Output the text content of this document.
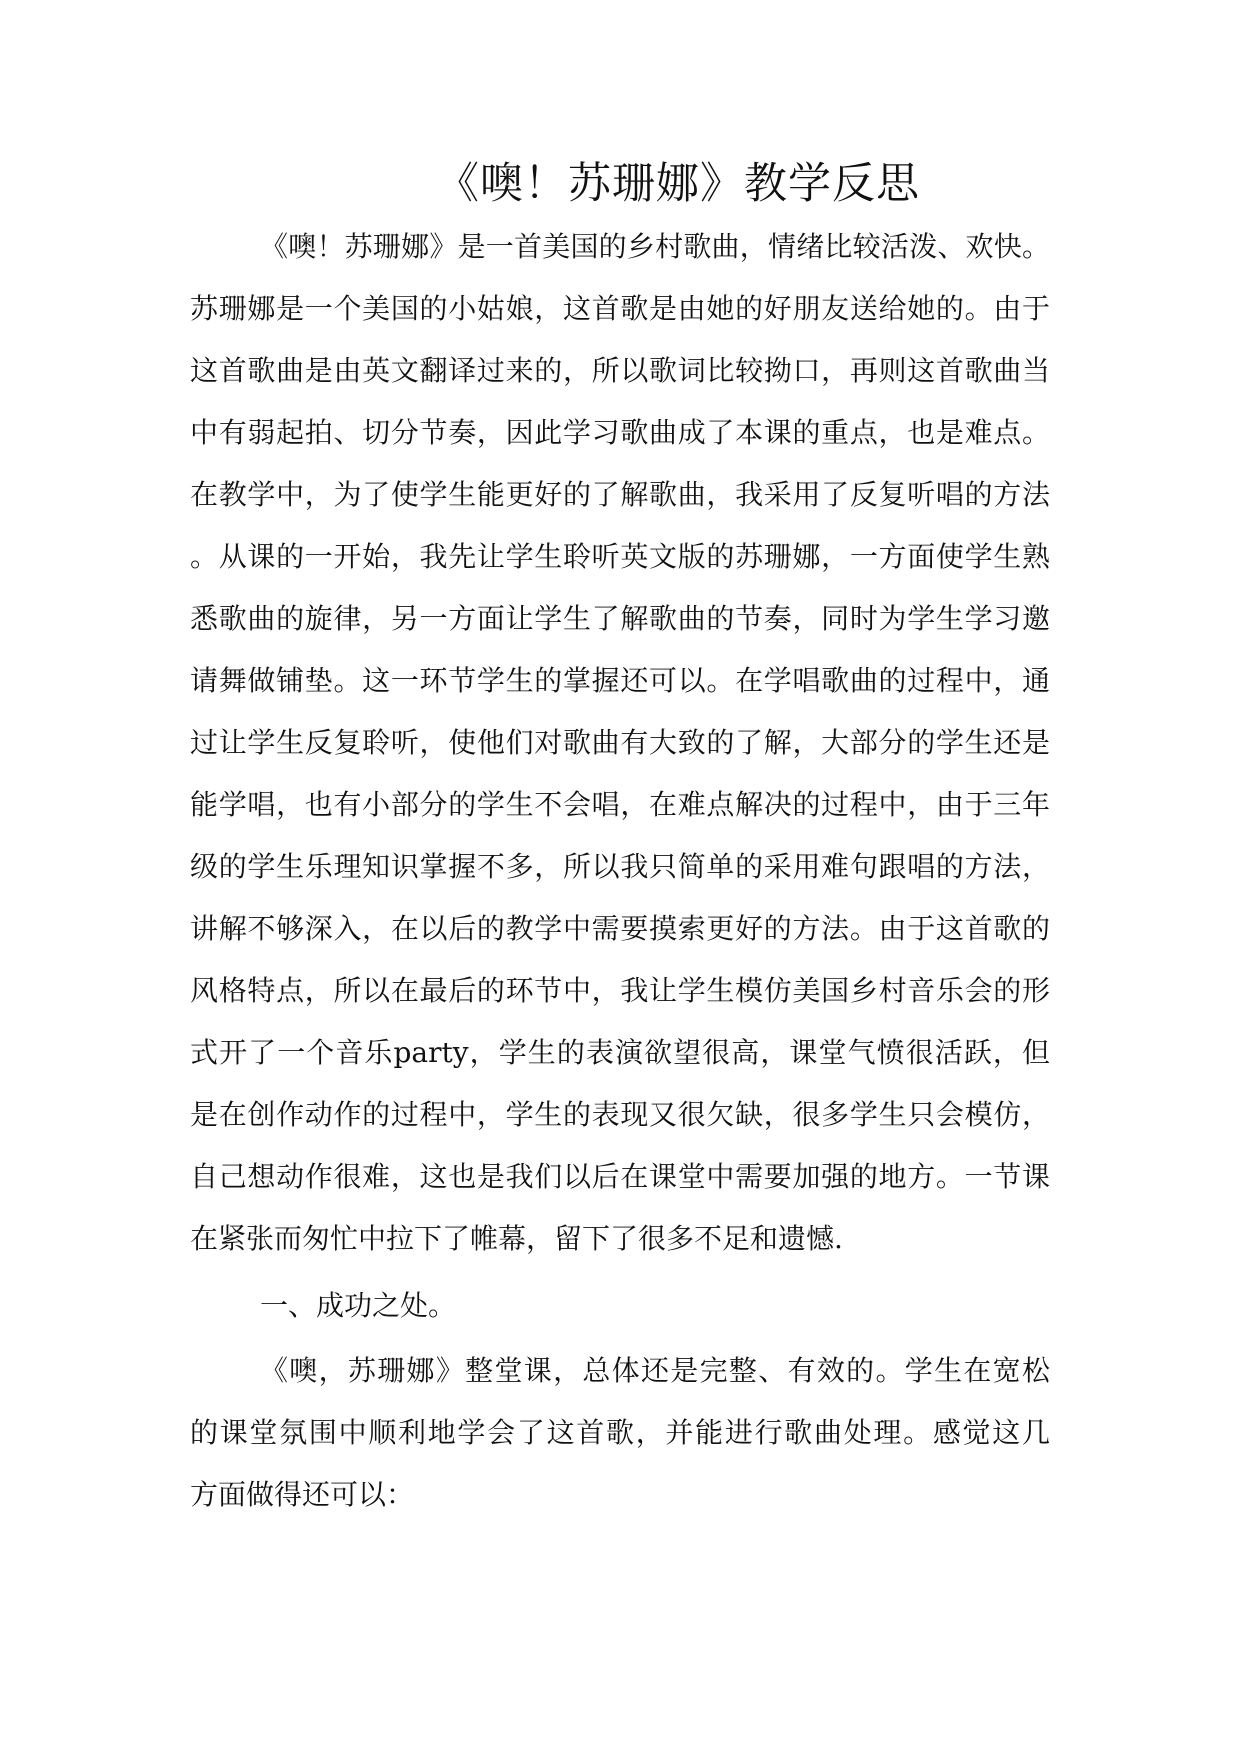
《噢！苏珊娜》教学反思

《噢！苏珊娜》是一首美国的乡村歌曲，情绪比较活泼、欢快。

苏珊娜是一个美国的小姑娘，这首歌是由她的好朋友送给她的。由于

这首歌曲是由英文翻译过来的，所以歌词比较拗口，再则这首歌曲当

中有弱起拍、切分节奏，因此学习歌曲成了本课的重点，也是难点。

在教学中，为了使学生能更好的了解歌曲，我采用了反复听唱的方法

。从课的一开始，我先让学生聆听英文版的苏珊娜，一方面使学生熟

悉歌曲的旋律，另一方面让学生了解歌曲的节奏，同时为学生学习邀

请舞做铺垫。这一环节学生的掌握还可以。在学唱歌曲的过程中，通

过让学生反复聆听，使他们对歌曲有大致的了解，大部分的学生还是

能学唱，也有小部分的学生不会唱，在难点解决的过程中，由于三年

级的学生乐理知识掌握不多，所以我只简单的采用难句跟唱的方法，

讲解不够深入，在以后的教学中需要摸索更好的方法。由于这首歌的

风格特点，所以在最后的环节中，我让学生模仿美国乡村音乐会的形

式开了一个音乐party，学生的表演欲望很高，课堂气愤很活跃，但

是在创作动作的过程中，学生的表现又很欠缺，很多学生只会模仿，

自己想动作很难，这也是我们以后在课堂中需要加强的地方。一节课

在紧张而匆忙中拉下了帷幕，留下了很多不足和遗憾.

一、成功之处。

《噢，苏珊娜》整堂课，总体还是完整、有效的。学生在宽松

的课堂氛围中顺利地学会了这首歌，并能进行歌曲处理。感觉这几

方面做得还可以：
